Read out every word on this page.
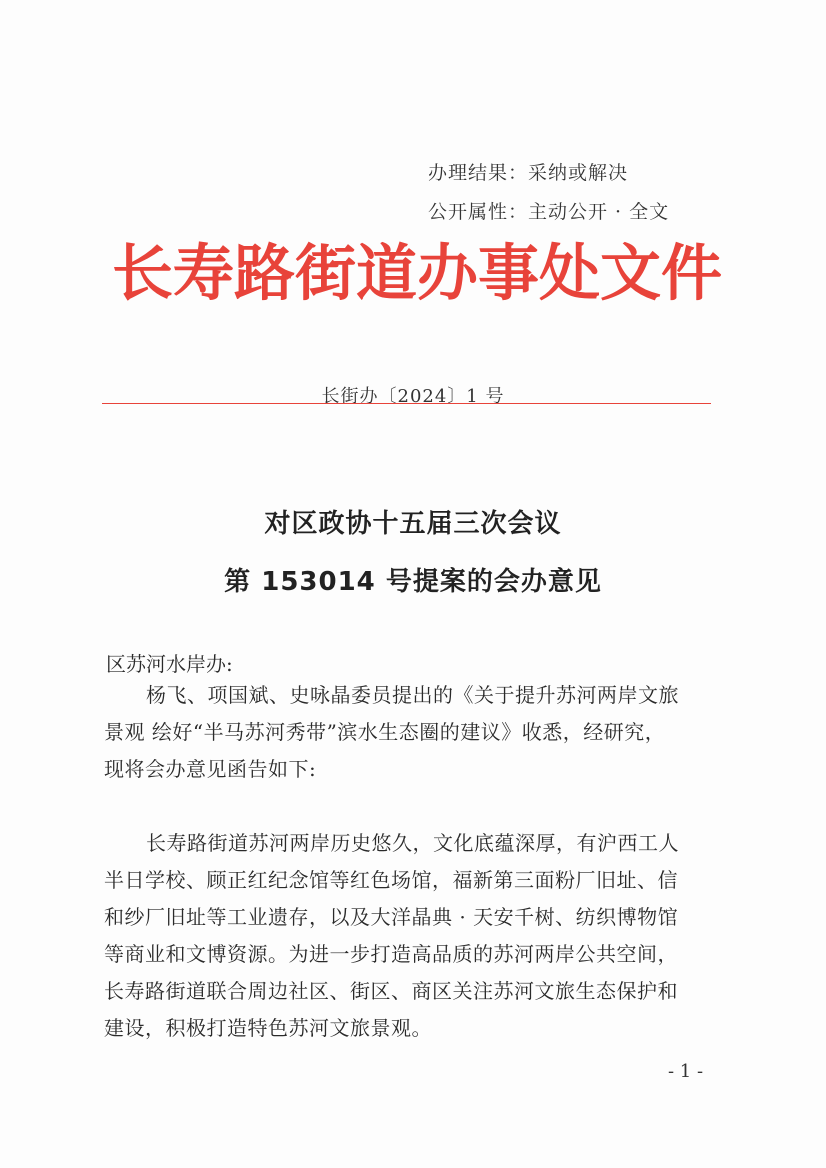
办理结果：采纳或解决
公开属性：主动公开 · 全文
长寿路街道办事处文件
长街办〔2024〕1 号
对区政协十五届三次会议
第 153014 号提案的会办意见
区苏河水岸办:
杨飞、项国斌、史咏晶委员提出的《关于提升苏河两岸文旅
景观 绘好“半马苏河秀带”滨水生态圈的建议》收悉，经研究，
现将会办意见函告如下:
长寿路街道苏河两岸历史悠久，文化底蕴深厚，有沪西工人
半日学校、顾正红纪念馆等红色场馆，福新第三面粉厂旧址、信
和纱厂旧址等工业遗存，以及大洋晶典 · 天安千树、纺织博物馆
等商业和文博资源。为进一步打造高品质的苏河两岸公共空间，
长寿路街道联合周边社区、街区、商区关注苏河文旅生态保护和
建设，积极打造特色苏河文旅景观。
- 1 -
